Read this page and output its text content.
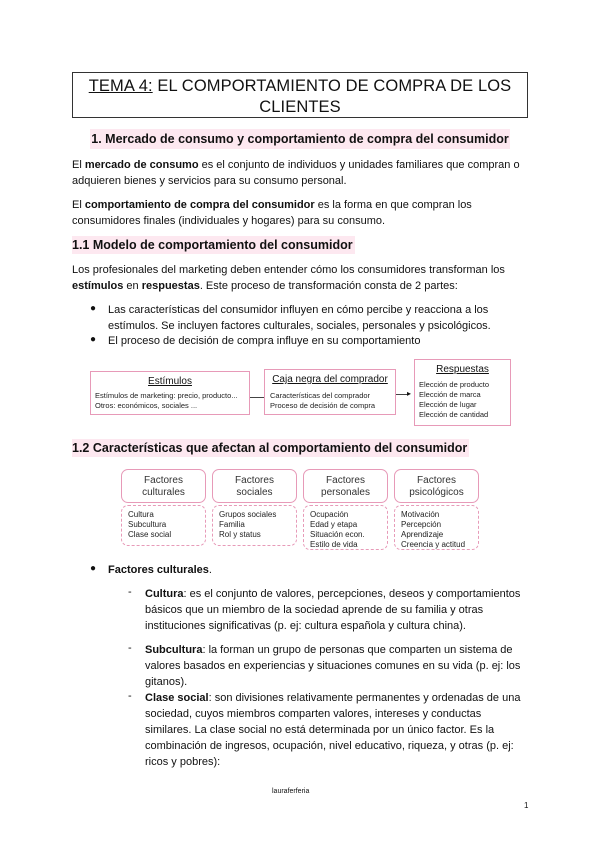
TEMA 4: EL COMPORTAMIENTO DE COMPRA DE LOS
CLIENTES
1. Mercado de consumo y comportamiento de compra del consumidor
El mercado de consumo es el conjunto de individuos y unidades familiares que compran o
adquieren bienes y servicios para su consumo personal.
El comportamiento de compra del consumidor es la forma en que compran los
consumidores finales (individuales y hogares) para su consumo.
1.1 Modelo de comportamiento del consumidor
Los profesionales del marketing deben entender cómo los consumidores transforman los
estímulos en respuestas. Este proceso de transformación consta de 2 partes:
● Las características del consumidor influyen en cómo percibe y reacciona a los
estímulos. Se incluyen factores culturales, sociales, personales y psicológicos.
● El proceso de decisión de compra influye en su comportamiento
Estímulos
Estímulos de marketing: precio, producto...
Otros: económicos, sociales ...
Caja negra del comprador
Características del comprador
Proceso de decisión de compra
▸
Respuestas
Elección de producto
Elección de marca
Elección de lugar
Elección de cantidad
1.2 Características que afectan al comportamiento del consumidor
Factores
culturales
Cultura
Subcultura
Clase social
Factores
sociales
Grupos sociales
Familia
Rol y status
Factores
personales
Ocupación
Edad y etapa
Situación econ.
Estilo de vida
Factores
psicológicos
Motivación
Percepción
Aprendizaje
Creencia y actitud
● Factores culturales.
- Cultura: es el conjunto de valores, percepciones, deseos y comportamientos
básicos que un miembro de la sociedad aprende de su familia y otras
instituciones significativas (p. ej: cultura española y cultura china).
- Subcultura: la forman un grupo de personas que comparten un sistema de
valores basados en experiencias y situaciones comunes en su vida (p. ej: los
gitanos).
- Clase social: son divisiones relativamente permanentes y ordenadas de una
sociedad, cuyos miembros comparten valores, intereses y conductas
similares. La clase social no está determinada por un único factor. Es la
combinación de ingresos, ocupación, nivel educativo, riqueza, y otras (p. ej:
ricos y pobres):
lauraferferia
1
